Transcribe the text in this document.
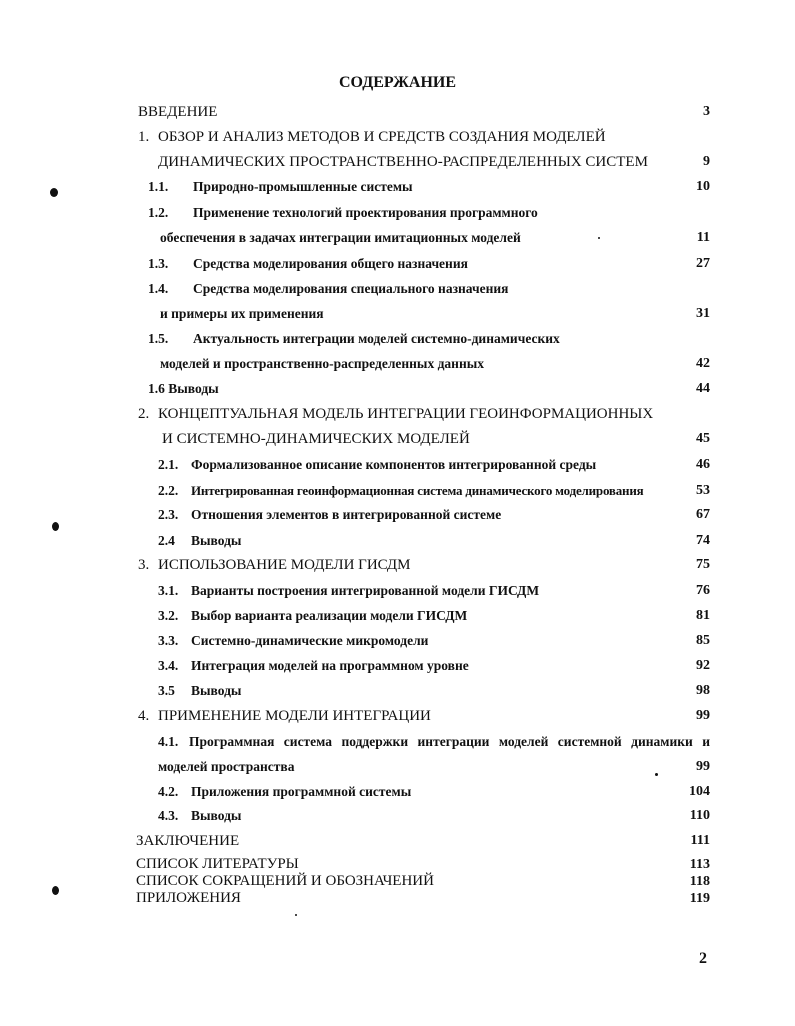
СОДЕРЖАНИЕ
ВВЕДЕНИЕ	3
1. ОБЗОР И АНАЛИЗ МЕТОДОВ И СРЕДСТВ СОЗДАНИЯ МОДЕЛЕЙ
ДИНАМИЧЕСКИХ ПРОСТРАНСТВЕННО-РАСПРЕДЕЛЕННЫХ СИСТЕМ	9
1.1. Природно-промышленные системы	10
1.2. Применение технологий проектирования программного
обеспечения в задачах интеграции имитационных моделей	11
1.3. Средства моделирования общего назначения	27
1.4. Средства моделирования специального назначения
и примеры их применения	31
1.5. Актуальность интеграции моделей системно-динамических
моделей и пространственно-распределенных данных	42
1.6 Выводы	44
2. КОНЦЕПТУАЛЬНАЯ МОДЕЛЬ ИНТЕГРАЦИИ ГЕОИНФОРМАЦИОННЫХ
И СИСТЕМНО-ДИНАМИЧЕСКИХ МОДЕЛЕЙ	45
2.1. Формализованное описание компонентов интегрированной среды	46
2.2. Интегрированная геоинформационная система динамического моделирования	53
2.3. Отношения элементов в интегрированной системе	67
2.4 Выводы	74
3. ИСПОЛЬЗОВАНИЕ МОДЕЛИ ГИСДМ	75
3.1. Варианты построения интегрированной модели ГИСДМ	76
3.2. Выбор варианта реализации модели ГИСДМ	81
3.3. Системно-динамические микромодели	85
3.4. Интеграция моделей на программном уровне	92
3.5 Выводы	98
4. ПРИМЕНЕНИЕ МОДЕЛИ ИНТЕГРАЦИИ	99
4.1. Программная система поддержки интеграции моделей системной динамики и
моделей пространства	99
4.2. Приложения программной системы	104
4.3. Выводы	110
ЗАКЛЮЧЕНИЕ	111
СПИСОК ЛИТЕРАТУРЫ	113
СПИСОК СОКРАЩЕНИЙ И ОБОЗНАЧЕНИЙ	118
ПРИЛОЖЕНИЯ	119
2
